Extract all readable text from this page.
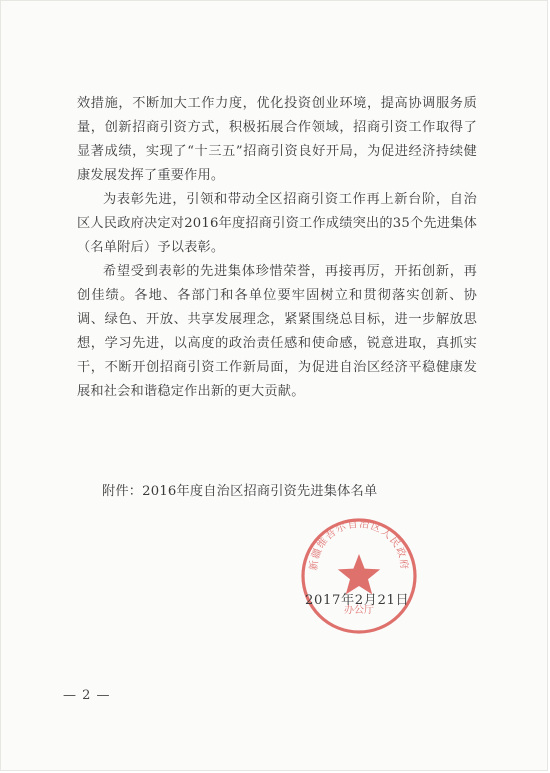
效措施，不断加大工作力度，优化投资创业环境，提高协调服务质量，创新招商引资方式，积极拓展合作领域，招商引资工作取得了显著成绩，实现了“十三五”招商引资良好开局，为促进经济持续健康发展发挥了重要作用。

为表彰先进，引领和带动全区招商引资工作再上新台阶，自治区人民政府决定对2016年度招商引资工作成绩突出的35个先进集体（名单附后）予以表彰。

希望受到表彰的先进集体珍惜荣誉，再接再厉，开拓创新，再创佳绩。各地、各部门和各单位要牢固树立和贯彻落实创新、协调、绿色、开放、共享发展理念，紧紧围绕总目标，进一步解放思想，学习先进，以高度的政治责任感和使命感，锐意进取，真抓实干，不断开创招商引资工作新局面，为促进自治区经济平稳健康发展和社会和谐稳定作出新的更大贡献。

附件：2016年度自治区招商引资先进集体名单
新疆维吾尔自治区人民政府
办公厅
2017年2月21日
— 2 —
